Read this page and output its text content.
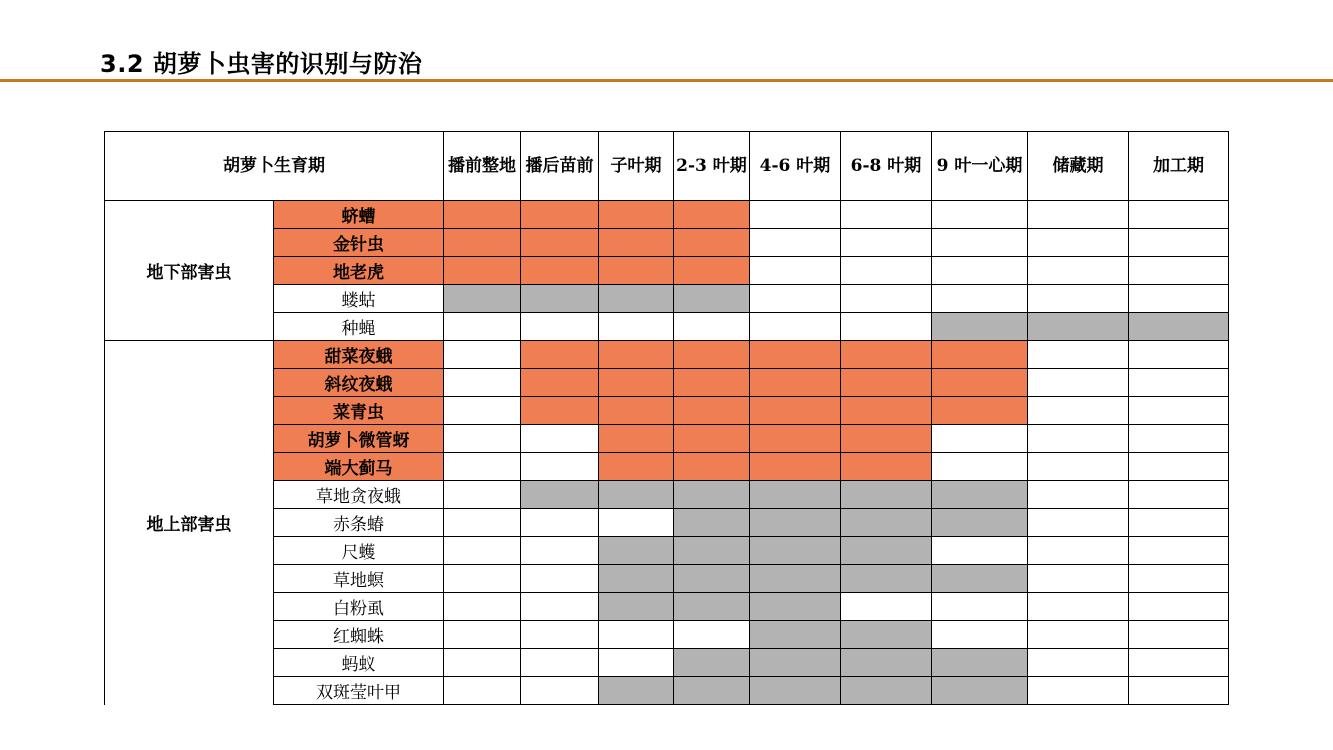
3.2 胡萝卜虫害的识别与防治
胡萝卜生育期		播前整地	播后苗前	子叶期	2-3 叶期	4-6 叶期	6-8 叶期	9 叶一心期	储藏期	加工期
地下部害虫	蛴螬									
	金针虫									
	地老虎									
	蝼蛄									
	种蝇									
地上部害虫	甜菜夜蛾									
	斜纹夜蛾									
	菜青虫									
	胡萝卜微管蚜									
	端大蓟马									
	草地贪夜蛾									
	赤条蝽									
	尺蠖									
	草地螟									
	白粉虱									
	红蜘蛛									
	蚂蚁									
	双斑莹叶甲									
